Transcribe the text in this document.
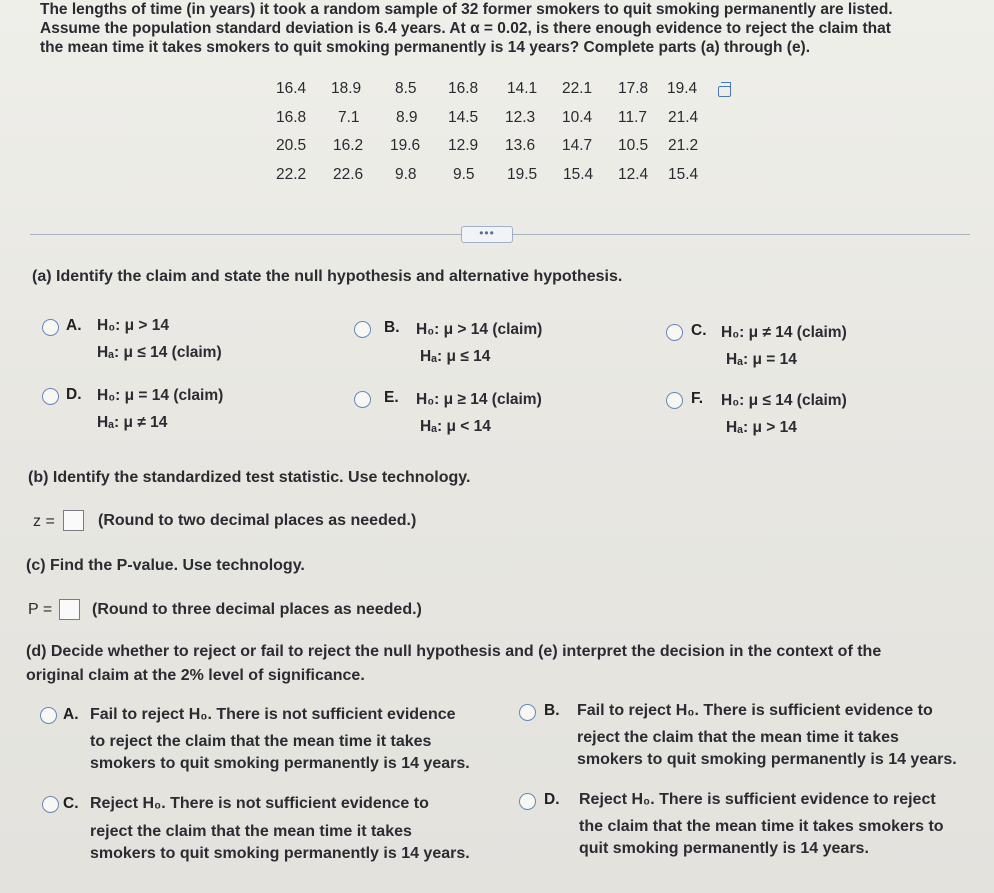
The lengths of time (in years) it took a random sample of 32 former smokers to quit smoking permanently are listed.
Assume the population standard deviation is 6.4 years. At α = 0.02, is there enough evidence to reject the claim that
the mean time it takes smokers to quit smoking permanently is 14 years? Complete parts (a) through (e).
16.4 18.9 8.5 16.8 14.1 22.1 17.8 19.4
16.8 7.1 8.9 14.5 12.3 10.4 11.7 21.4
20.5 16.2 19.6 12.9 13.6 14.7 10.5 21.2
22.2 22.6 9.8 9.5 19.5 15.4 12.4 15.4
•••
(a) Identify the claim and state the null hypothesis and alternative hypothesis.
A. H₀: μ > 14
Hₐ: μ ≤ 14 (claim)
B. H₀: μ > 14 (claim)
Hₐ: μ ≤ 14
C. H₀: μ ≠ 14 (claim)
Hₐ: μ = 14
D. H₀: μ = 14 (claim)
Hₐ: μ ≠ 14
E. H₀: μ ≥ 14 (claim)
Hₐ: μ < 14
F. H₀: μ ≤ 14 (claim)
Hₐ: μ > 14
(b) Identify the standardized test statistic. Use technology.
z =	(Round to two decimal places as needed.)
(c) Find the P-value. Use technology.
P = (Round to three decimal places as needed.)
(d) Decide whether to reject or fail to reject the null hypothesis and (e) interpret the decision in the context of the
original claim at the 2% level of significance.
A. Fail to reject H₀. There is not sufficient evidence
to reject the claim that the mean time it takes
smokers to quit smoking permanently is 14 years.
B. Fail to reject H₀. There is sufficient evidence to
reject the claim that the mean time it takes
smokers to quit smoking permanently is 14 years.
C. Reject H₀. There is not sufficient evidence to
reject the claim that the mean time it takes
smokers to quit smoking permanently is 14 years.
D. Reject H₀. There is sufficient evidence to reject
the claim that the mean time it takes smokers to
quit smoking permanently is 14 years.
